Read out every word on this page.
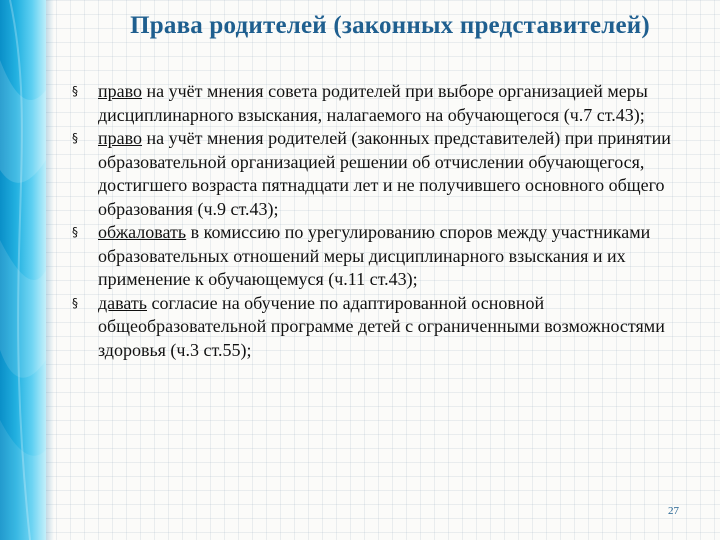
Права родителей (законных представителей)
§ право на учёт мнения совета родителей при выборе организацией меры дисциплинарного взыскания, налагаемого на обучающегося (ч.7 ст.43);
§ право на учёт мнения родителей (законных представителей) при принятии образовательной организацией решении об отчислении обучающегося, достигшего возраста пятнадцати лет и не получившего основного общего образования (ч.9 ст.43);
§ обжаловать в комиссию по урегулированию споров между участниками образовательных отношений меры дисциплинарного взыскания и их применение к обучающемуся (ч.11 ст.43);
§ давать согласие на обучение по адаптированной основной общеобразовательной программе детей с ограниченными возможностями здоровья (ч.3 ст.55);
27
